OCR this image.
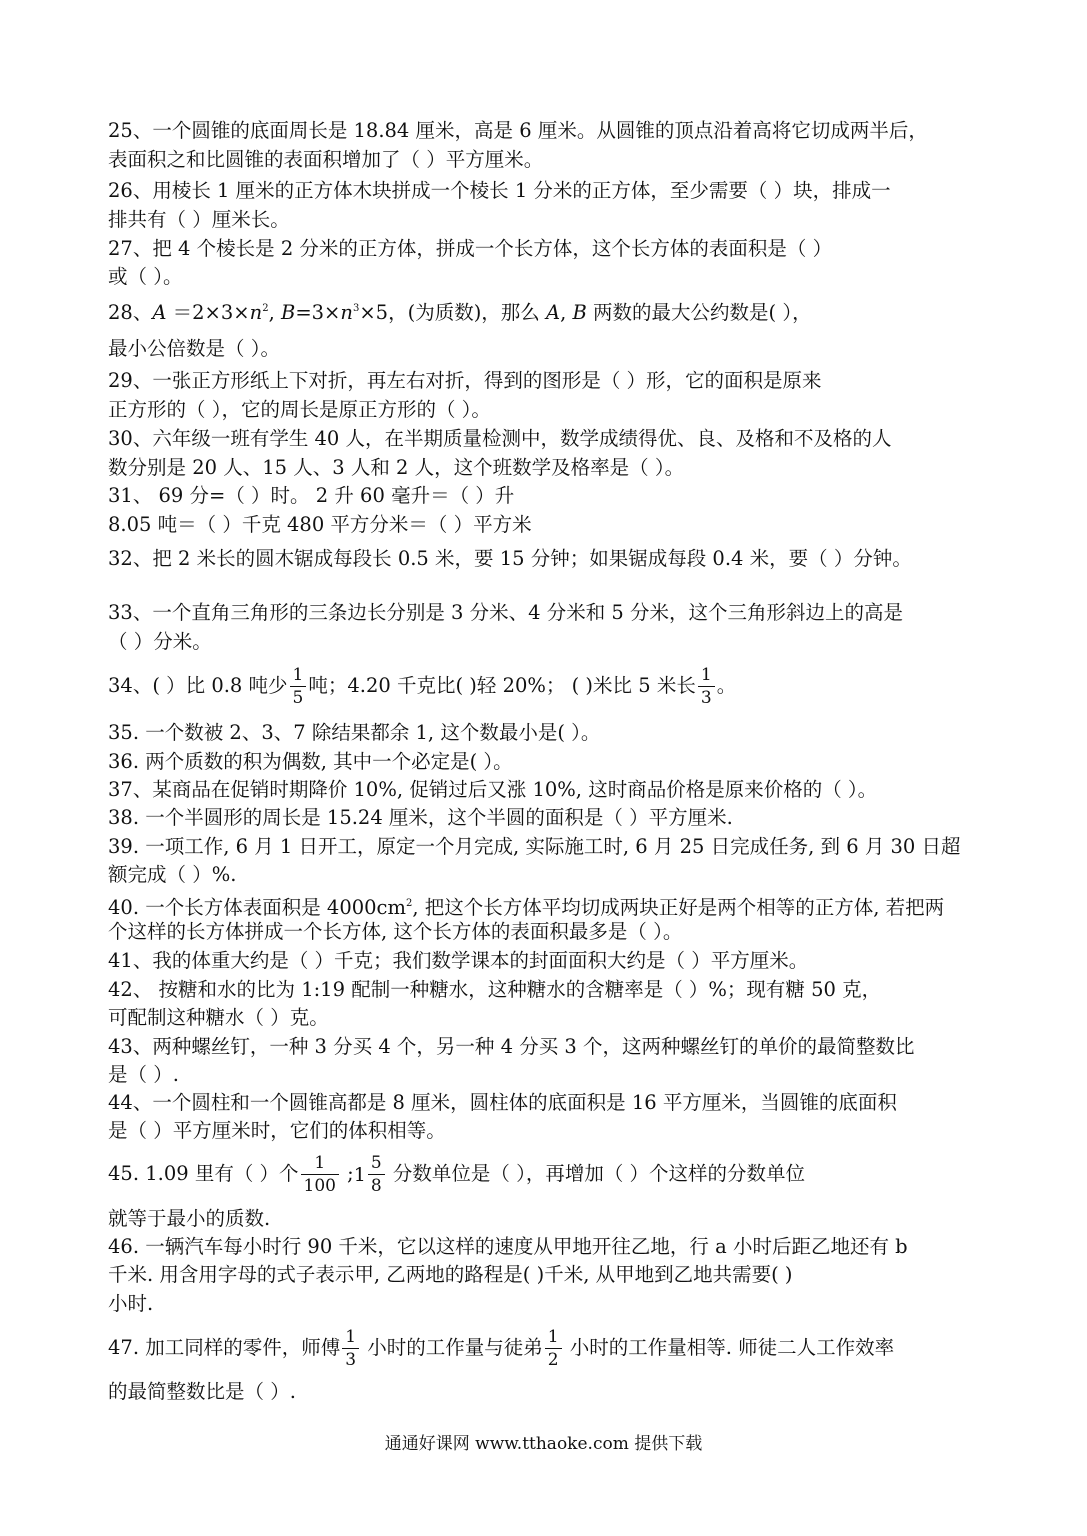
25、一个圆锥的底面周长是 18.84 厘米，高是 6 厘米。从圆锥的顶点沿着高将它切成两半后，
表面积之和比圆锥的表面积增加了（ ）平方厘米。
26、用棱长 1 厘米的正方体木块拼成一个棱长 1 分米的正方体，至少需要（ ）块，排成一
排共有（ ）厘米长。
27、把 4 个棱长是 2 分米的正方体，拼成一个长方体，这个长方体的表面积是（ ）
或（ ）。
28、$A =2\times 3\times n^2$, $B=3\times n^3\times 5$，(为质数)，那么 A, B 两数的最大公约数是( ），
最小公倍数是（ ）。
29、一张正方形纸上下对折，再左右对折，得到的图形是（ ）形，它的面积是原来
正方形的（ ），它的周长是原正方形的（ ）。
30、六年级一班有学生 40 人，在半期质量检测中，数学成绩得优、良、及格和不及格的人
数分别是 20 人、15 人、3 人和 2 人，这个班数学及格率是（ ）。
31、 69 分=（ ）时。 2 升 60 毫升＝（ ）升
8.05 吨＝（ ）千克 480 平方分米＝（ ）平方米
32、把 2 米长的圆木锯成每段长 0.5 米，要 15 分钟；如果锯成每段 0.4 米，要（ ）分钟。
33、一个直角三角形的三条边长分别是 3 分米、4 分米和 5 分米，这个三角形斜边上的高是
（ ）分米。
34、( ）比 0.8 吨少 $\frac{1}{5}$ 吨；4.20 千克比( )轻 20%； ( )米比 5 米长 $\frac{1}{3}$ 。
35. 一个数被 2、3、7 除结果都余 1, 这个数最小是( ）。
36. 两个质数的积为偶数, 其中一个必定是( ）。
37、某商品在促销时期降价 10%, 促销过后又涨 10%, 这时商品价格是原来价格的（ ）。
38. 一个半圆形的周长是 15.24 厘米，这个半圆的面积是（ ）平方厘米.
39. 一项工作, 6 月 1 日开工，原定一个月完成, 实际施工时, 6 月 25 日完成任务, 到 6 月 30 日超
额完成（ ）%.
40. 一个长方体表面积是 $4000cm^2$, 把这个长方体平均切成两块正好是两个相等的正方体, 若把两
个这样的长方体拼成一个长方体, 这个长方体的表面积最多是（ ）。
41、我的体重大约是（ ）千克；我们数学课本的封面面积大约是（ ）平方厘米。
42、 按糖和水的比为 1:19 配制一种糖水，这种糖水的含糖率是（ ）%；现有糖 50 克，
可配制这种糖水（ ）克。
43、两种螺丝钉，一种 3 分买 4 个，另一种 4 分买 3 个，这两种螺丝钉的单价的最简整数比
是（ ）.
44、一个圆柱和一个圆锥高都是 8 厘米，圆柱体的底面积是 16 平方厘米，当圆锥的底面积
是（ ）平方厘米时，它们的体积相等。
45. 1.09 里有（ ）个 $\frac{1}{100}$ ;1 $\frac{5}{8}$ 分数单位是（ ），再增加（ ）个这样的分数单位
就等于最小的质数.
46. 一辆汽车每小时行 90 千米，它以这样的速度从甲地开往乙地，行 a 小时后距乙地还有 b
千米. 用含用字母的式子表示甲, 乙两地的路程是( )千米, 从甲地到乙地共需要( )
小时.
47. 加工同样的零件，师傅 $\frac{1}{3}$ 小时的工作量与徒弟 $\frac{1}{2}$ 小时的工作量相等. 师徒二人工作效率
的最简整数比是（ ）.
通通好课网 www.tthaoke.com 提供下载
